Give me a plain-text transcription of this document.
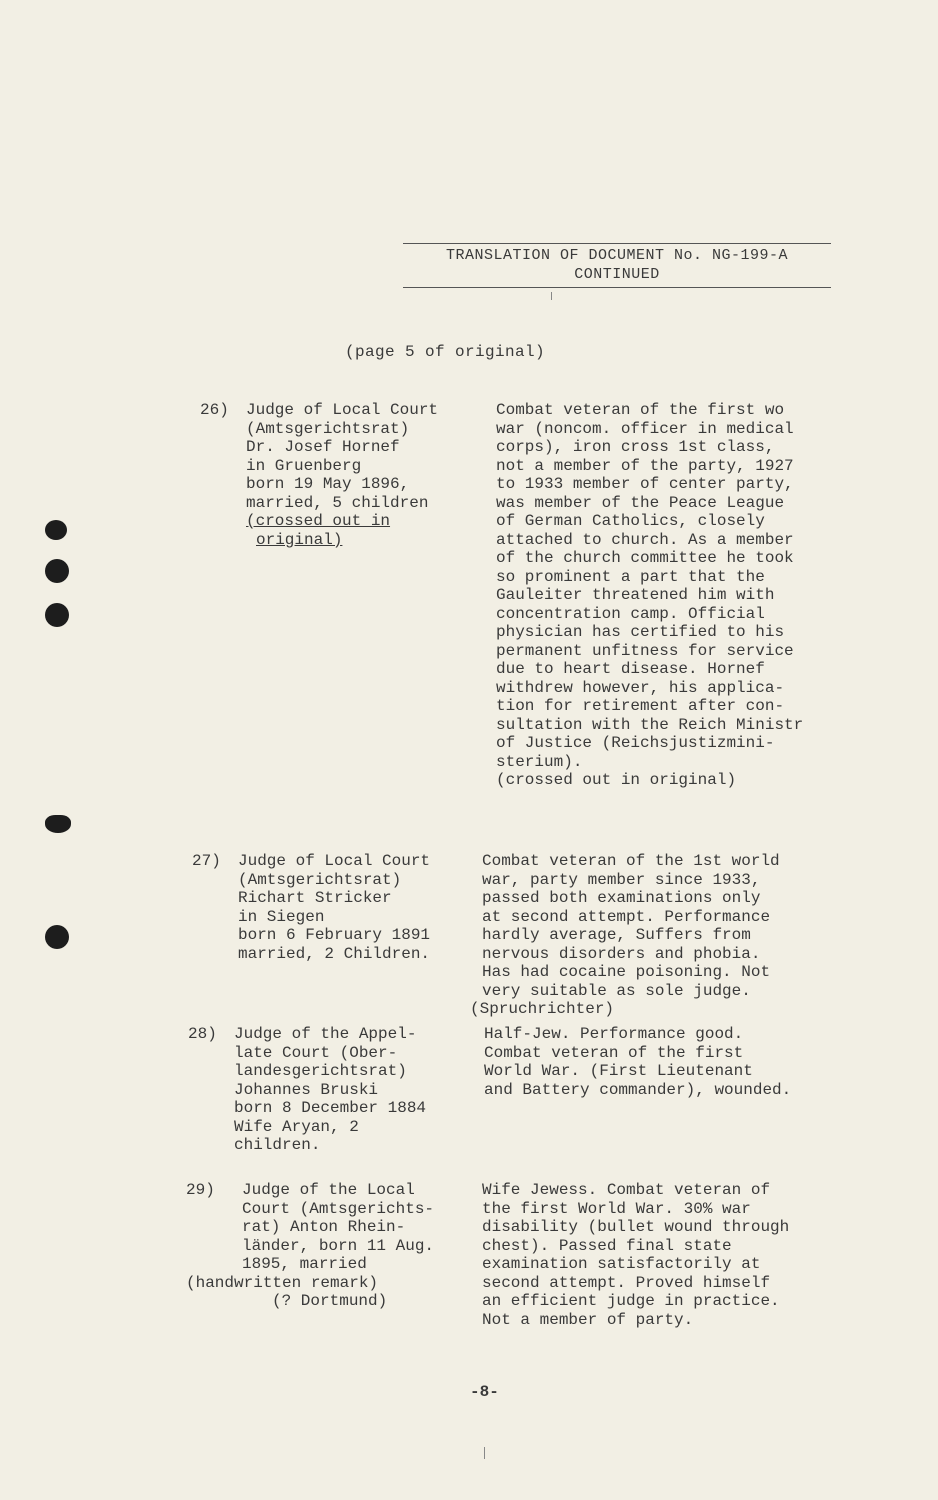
TRANSLATION OF DOCUMENT No. NG-199-A
CONTINUED
(page 5 of original)
26) Judge of Local Court
(Amtsgerichtsrat)
Dr. Josef Hornef
in Gruenberg
born 19 May 1896,
married, 5 children
(crossed out in
original)
Combat veteran of the first wo
war (noncom. officer in medical
corps), iron cross 1st class,
not a member of the party, 1927
to 1933 member of center party,
was member of the Peace League
of German Catholics, closely
attached to church. As a member
of the church committee he took
so prominent a part that the
Gauleiter threatened him with
concentration camp. Official
physician has certified to his
permanent unfitness for service
due to heart disease. Hornef
withdrew however, his applica-
tion for retirement after con-
sultation with the Reich Ministr
of Justice (Reichsjustizmini-
sterium).
(crossed out in original)
27) Judge of Local Court
(Amtsgerichtsrat)
Richart Stricker
in Siegen
born 6 February 1891
married, 2 Children.
Combat veteran of the 1st world
war, party member since 1933,
passed both examinations only
at second attempt. Performance
hardly average, Suffers from
nervous disorders and phobia.
Has had cocaine poisoning. Not
very suitable as sole judge.
(Spruchrichter)
28) Judge of the Appel-
late Court (Ober-
landesgerichtsrat)
Johannes Bruski
born 8 December 1884
Wife Aryan, 2
children.
Half-Jew. Performance good.
Combat veteran of the first
World War. (First Lieutenant
and Battery commander), wounded.
29)	Judge of the Local
Court (Amtsgerichts-
rat) Anton Rhein-
länder, born 11 Aug.
1895, married
(handwritten remark)
(? Dortmund)
Wife Jewess. Combat veteran of
the first World War. 30% war
disability (bullet wound through
chest). Passed final state
examination satisfactorily at
second attempt. Proved himself
an efficient judge in practice.
Not a member of party.
-8-
